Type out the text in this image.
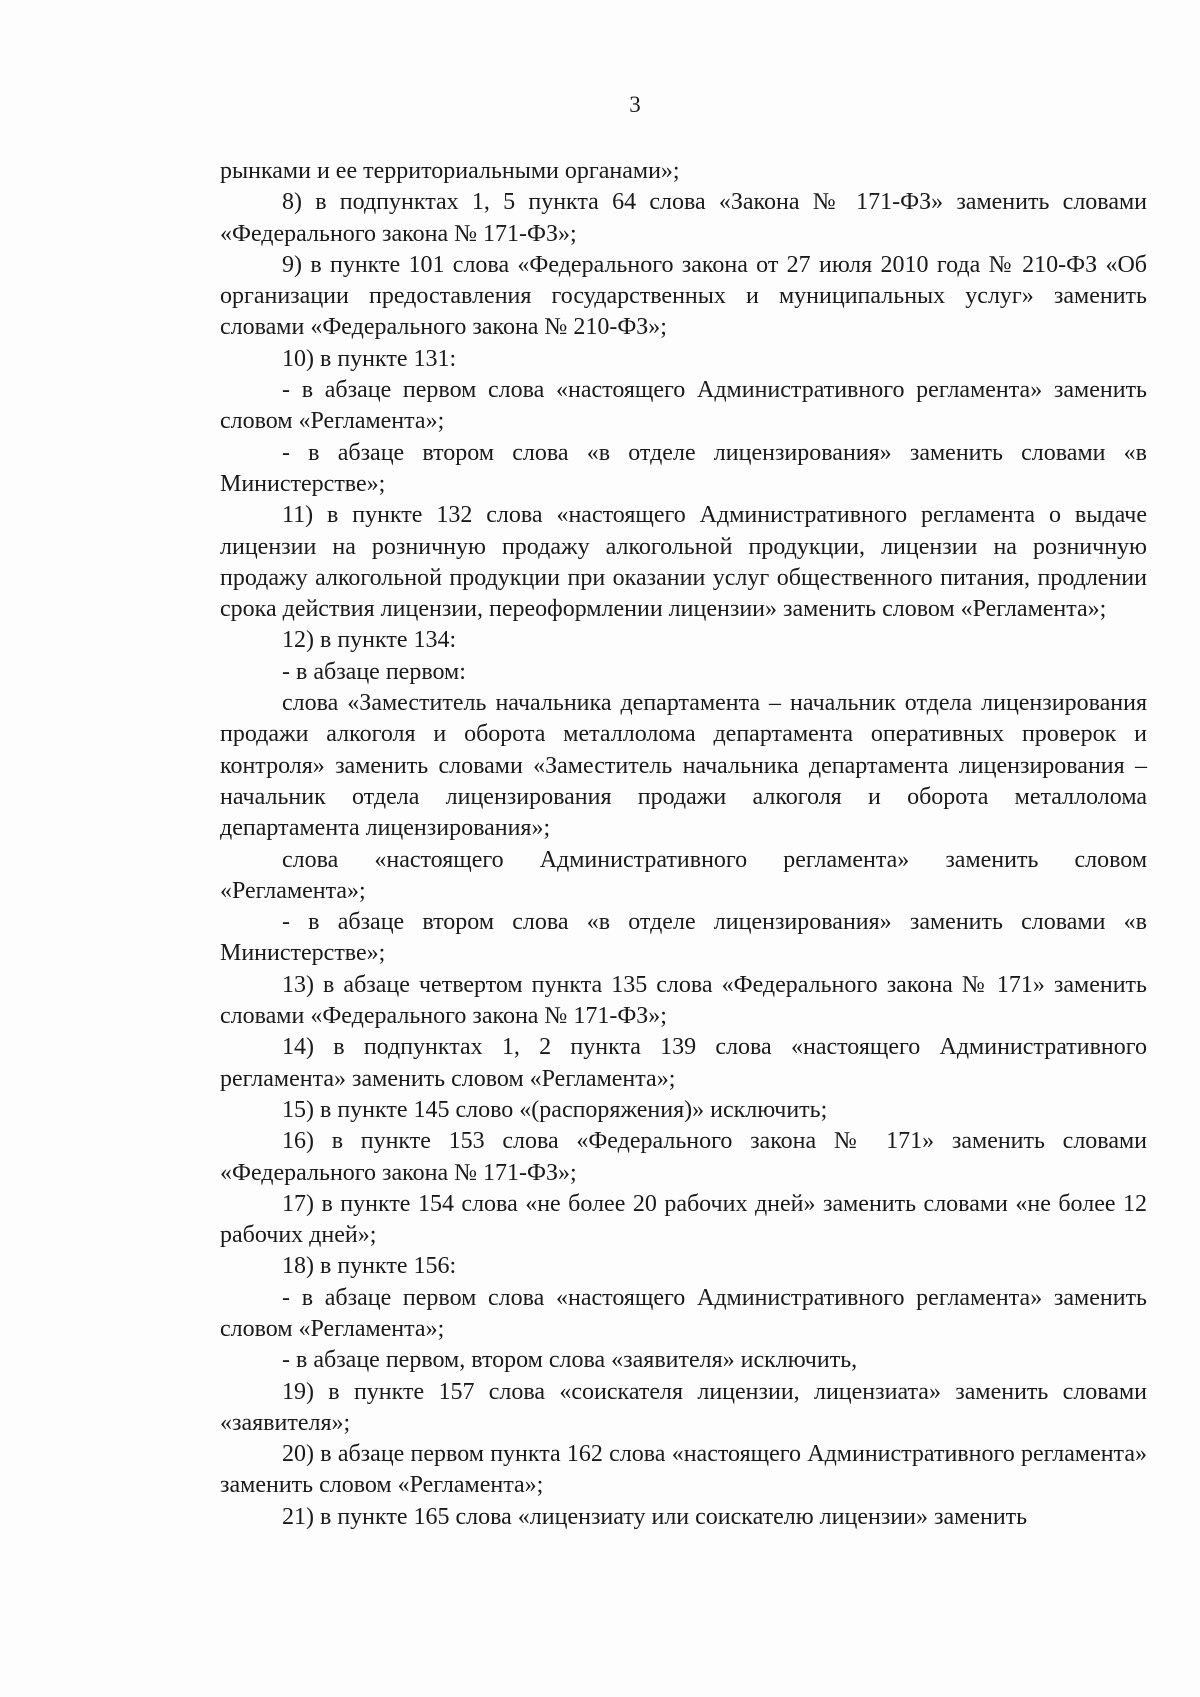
3

рынками и ее территориальными органами»;

8) в подпунктах 1, 5 пункта 64 слова «Закона № 171-ФЗ» заменить словами «Федерального закона № 171-ФЗ»;

9) в пункте 101 слова «Федерального закона от 27 июля 2010 года № 210-ФЗ «Об организации предоставления государственных и муниципальных услуг» заменить словами «Федерального закона № 210-ФЗ»;

10) в пункте 131:

- в абзаце первом слова «настоящего Административного регламента» заменить словом «Регламента»;

- в абзаце втором слова «в отделе лицензирования» заменить словами «в Министерстве»;

11) в пункте 132 слова «настоящего Административного регламента о выдаче лицензии на розничную продажу алкогольной продукции, лицензии на розничную продажу алкогольной продукции при оказании услуг общественного питания, продлении срока действия лицензии, переоформлении лицензии» заменить словом «Регламента»;

12) в пункте 134:

- в абзаце первом:

слова «Заместитель начальника департамента – начальник отдела лицензирования продажи алкоголя и оборота металлолома департамента оперативных проверок и контроля» заменить словами «Заместитель начальника департамента лицензирования – начальник отдела лицензирования продажи алкоголя и оборота металлолома департамента лицензирования»;

слова «настоящего Административного регламента» заменить словом «Регламента»;

- в абзаце втором слова «в отделе лицензирования» заменить словами «в Министерстве»;

13) в абзаце четвертом пункта 135 слова «Федерального закона № 171» заменить словами «Федерального закона № 171-ФЗ»;

14) в подпунктах 1, 2 пункта 139 слова «настоящего Административного регламента» заменить словом «Регламента»;

15) в пункте 145 слово «(распоряжения)» исключить;

16) в пункте 153 слова «Федерального закона № 171» заменить словами «Федерального закона № 171-ФЗ»;

17) в пункте 154 слова «не более 20 рабочих дней» заменить словами «не более 12 рабочих дней»;

18) в пункте 156:

- в абзаце первом слова «настоящего Административного регламента» заменить словом «Регламента»;

- в абзаце первом, втором слова «заявителя» исключить,

19) в пункте 157 слова «соискателя лицензии, лицензиата» заменить словами «заявителя»;

20) в абзаце первом пункта 162 слова «настоящего Административного регламента» заменить словом «Регламента»;

21) в пункте 165 слова «лицензиату или соискателю лицензии» заменить
